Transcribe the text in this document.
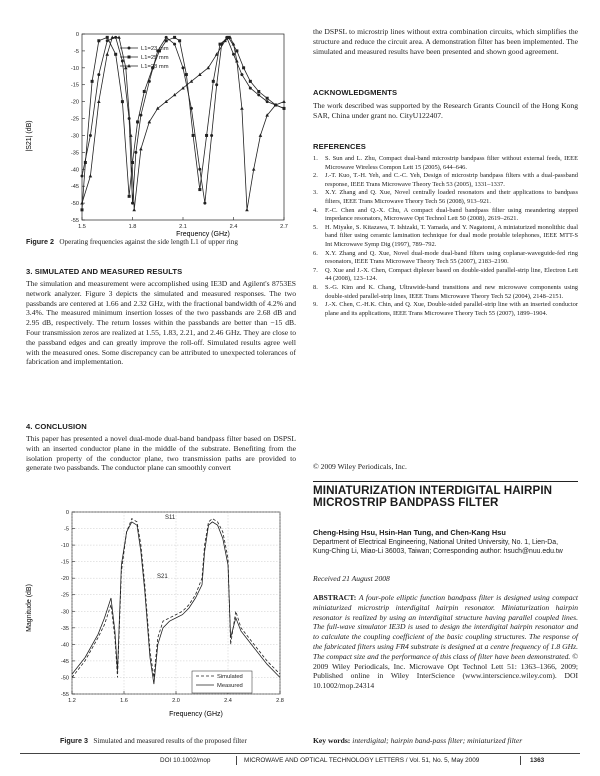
1.5	1.8	2.1	2.4	2.7
0
-5
-10
-15
-20
-25
-30
-35
-40
-45
-50
-55
L1=23 mm
L1=25 mm
L1=28 mm
Frequency (GHz)
|S21| (dB)
Figure 2 Operating frequencies against the side length L1 of upper ring
3. SIMULATED AND MEASURED RESULTS
The simulation and measurement were accomplished using IE3D and Agilent's 8753ES network analyzer. Figure 3 depicts the simulated and measured responses. The two passbands are centered at 1.66 and 2.32 GHz, with the fractional bandwidth of 4.2% and 3.4%. The measured minimum insertion losses of the two passbands are 2.68 dB and 2.95 dB, respectively. The return losses within the passbands are better than −15 dB. Four transmission zeros are realized at 1.55, 1.83, 2.21, and 2.46 GHz. They are close to the passband edges and can greatly improve the roll-off. Simulated results agree well with the measured ones. Some discrepancy can be attributed to unexpected tolerances of fabrication and implementation.
4. CONCLUSION
This paper has presented a novel dual-mode dual-band bandpass filter based on DSPSL with an inserted conductor plane in the middle of the substrate. Benefiting from the isolation property of the conductor plane, two transmission paths are provided to generate two passbands. The conductor plane can smoothly convert
1.2	1.6	2.0	2.4	2.8
0
-5
-10
-15
-20
-25
-30
-35
-40
-45
-50
-55
Simulated
Measured
S11
S21
Frequency (GHz)
Magnitude (dB)
Figure 3 Simulated and measured results of the proposed filter
the DSPSL to microstrip lines without extra combination circuits, which simplifies the structure and reduce the circuit area. A demonstration filter has been implemented. The simulated and measured results have been presented and shown good agreement.
ACKNOWLEDGMENTS
The work described was supported by the Research Grants Council of the Hong Kong SAR, China under grant no. CityU122407.
REFERENCES
1. S. Sun and L. Zhu, Compact dual-band microstrip bandpass filter without external feeds, IEEE Microwave Wireless Compon Lett 15 (2005), 644–646.
2. J.-T. Kuo, T.-H. Yeh, and C.-C. Yeh, Design of microstrip bandpass filters with a dual-passband response, IEEE Trans Microwave Theory Tech 53 (2005), 1331–1337.
3. X.Y. Zhang and Q. Xue, Novel centrally loaded resonators and their applications to bandpass filters, IEEE Trans Microwave Theory Tech 56 (2008), 913–921.
4. F.-C. Chen and Q.-X. Chu, A compact dual-band bandpass filter using meandering stepped impedance resonators, Microwave Opt Technol Lett 50 (2008), 2619–2621.
5. H. Miyake, S. Kitazawa, T. Ishizaki, T. Yamada, and Y. Nagatomi, A miniaturized monolithic dual band filter using ceramic lamination technique for dual mode protable telephones, IEEE MTT-S Int Microwave Symp Dig (1997), 789–792.
6. X.Y. Zhang and Q. Xue, Novel dual-mode dual-band filters using coplanar-waveguide-fed ring resonators, IEEE Trans Microwave Theory Tech 55 (2007), 2183–2190.
7. Q. Xue and J.-X. Chen, Compact diplexer based on double-sided parallel-strip line, Electron Lett 44 (2008), 123–124.
8. S.-G. Kim and K. Chang, Ultrawide-band transitions and new microwave components using double-sided parallel-strip lines, IEEE Trans Microwave Theory Tech 52 (2004), 2148–2151.
9. J.-X. Chen, C.-H.K. Chin, and Q. Xue, Double-sided parallel-strip line with an inserted conductor plane and its applications, IEEE Trans Microwave Theory Tech 55 (2007), 1899–1904.
© 2009 Wiley Periodicals, Inc.
MINIATURIZATION INTERDIGITAL HAIRPIN MICROSTRIP BANDPASS FILTER
Cheng-Hsing Hsu, Hsin-Han Tung, and Chen-Kang Hsu
Department of Electrical Engineering, National United University, No. 1, Lien-Da, Kung-Ching Li, Miao-Li 36003, Taiwan; Corresponding author: hsuch@nuu.edu.tw
Received 21 August 2008
ABSTRACT: A four-pole elliptic function bandpass filter is designed using compact miniaturized microstrip interdigital hairpin resonator. Miniaturization hairpin resonator is realized by using an interdigital structure having parallel coupled lines. The full-wave simulator IE3D is used to design the interdigital hairpin resonator and to calculate the coupling coefficient of the basic coupling structures. The response of the fabricated filters using FR4 substrate is designed at a centre frequency of 1.8 GHz. The compact size and the performance of this class of filter have been demonstrated. © 2009 Wiley Periodicals, Inc. Microwave Opt Technol Lett 51: 1363–1366, 2009; Published online in Wiley InterScience (www.interscience.wiley.com). DOI 10.1002/mop.24314
Key words: interdigital; hairpin band-pass filter; miniaturized filter
DOI 10.1002/mop	MICROWAVE AND OPTICAL TECHNOLOGY LETTERS / Vol. 51, No. 5, May 2009	1363
